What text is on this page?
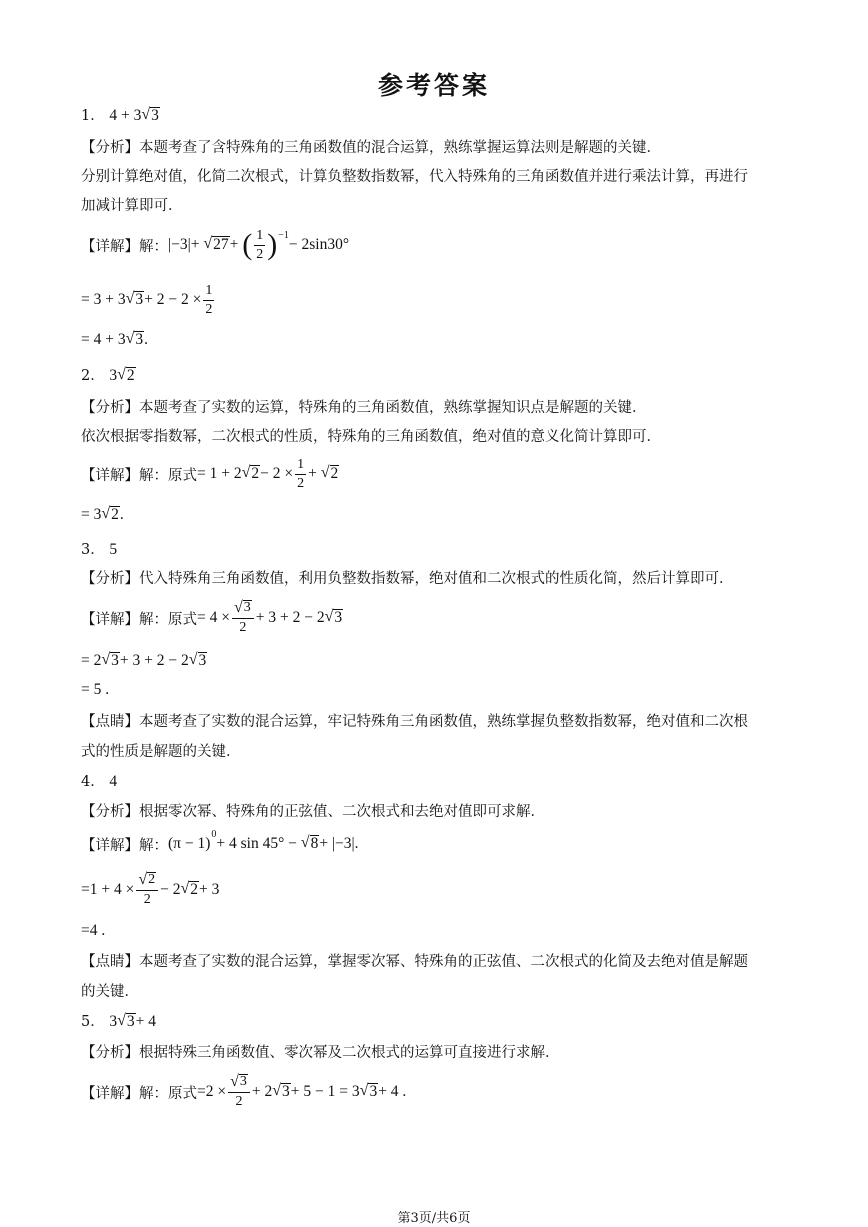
参考答案
1． 4 + 3 √ 3
【分析】本题考查了含特殊角的三角函数值的混合运算，熟练掌握运算法则是解题的关键．
分别计算绝对值，化简二次根式，计算负整数指数幂，代入特殊角的三角函数值并进行乘法计算，再进行
加减计算即可．
【详解】 解： |−3| +
√ 27 +
( $\frac{1}{2}$ ) −1
− 2sin30°
= 3 + 3 √ $3 + 2 - 2 \times \frac{1}{2}$
= 4 + 3 √ 3 .
2． 3 √ 2
【分析】本题考查了实数的运算，特殊角的三角函数值，熟练掌握知识点是解题的关键．
依次根据零指数幂，二次根式的性质，特殊角的三角函数值，绝对值的意义化简计算即可．
【详解】 解： 原式 = 1 + 2 √ $2 - 2 \times \frac{1}{2}$ +
√ 2
= 3 √ 2 .
3． 5
【分析】代入特殊角三角函数值，利用负整数指数幂，绝对值和二次根式的性质化简，然后计算即可．
【详解】 解： 原式 = $4 \times \frac{√ 3}{2} + 3 + 2 - 2$ √ 3
= 2 √ 3 + 3 + 2 − 2 √ 3
= 5 .
【点睛】本题考查了实数的混合运算，牢记特殊角三角函数值，熟练掌握负整数指数幂，绝对值和二次根
式的性质是解题的关键．
4． 4
【分析】根据零次幂、特殊角的正弦值、二次根式和去绝对值即可求解．
【详解】 解： (π − 1)
0
+ 4 sin 45° −
√ 8 + |−3|.
$=1 + 4 \times \frac{√ 2}{2} - 2$ √ 2 + 3
=4 .
【点睛】本题考查了实数的混合运算，掌握零次幂、特殊角的正弦值、二次根式的化简及去绝对值是解题
的关键．
5． 3 √ 3 + 4
【分析】根据特殊三角函数值、零次幂及二次根式的运算可直接进行求解．
【详解】 解： 原式 $=2 \times \frac{√ 3}{2} + 2$ √ 3 + 5 − 1 = 3 √ 3 + 4 .
第3页/共6页
